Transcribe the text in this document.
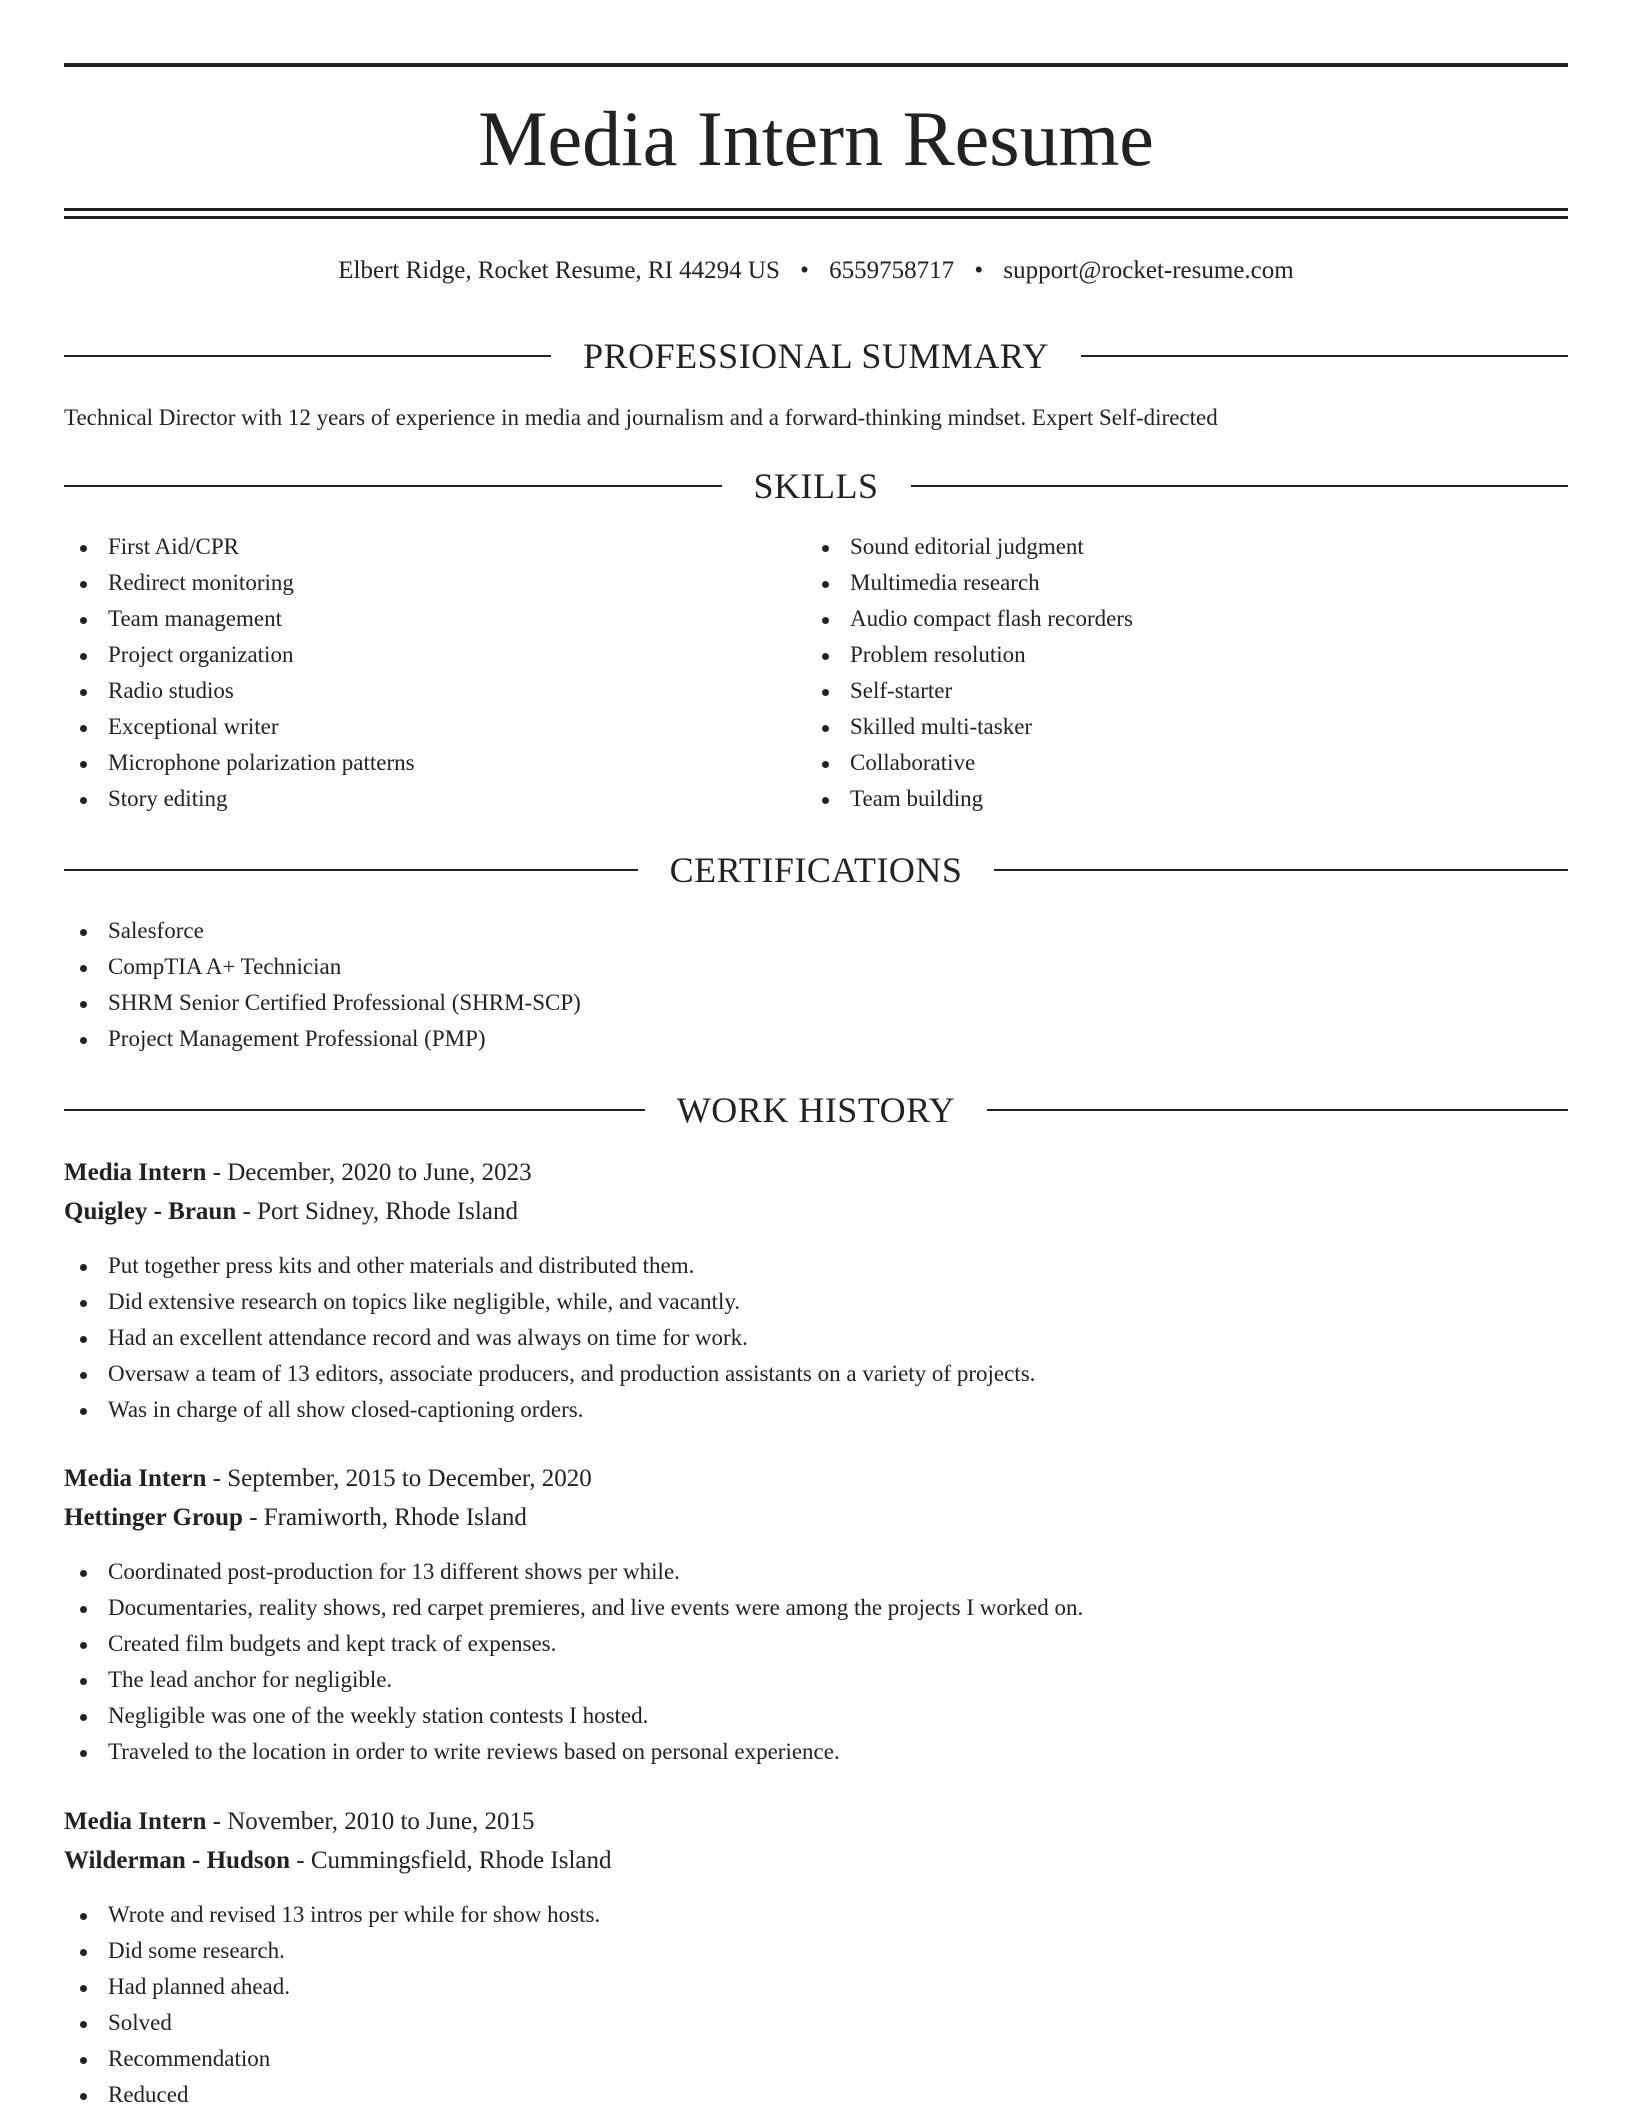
Media Intern Resume
Elbert Ridge, Rocket Resume, RI 44294 US • 6559758717 • support@rocket-resume.com
PROFESSIONAL SUMMARY
Technical Director with 12 years of experience in media and journalism and a forward-thinking mindset. Expert Self-directed
SKILLS
First Aid/CPR
Redirect monitoring
Team management
Project organization
Radio studios
Exceptional writer
Microphone polarization patterns
Story editing
Sound editorial judgment
Multimedia research
Audio compact flash recorders
Problem resolution
Self-starter
Skilled multi-tasker
Collaborative
Team building
CERTIFICATIONS
Salesforce
CompTIA A+ Technician
SHRM Senior Certified Professional (SHRM-SCP)
Project Management Professional (PMP)
WORK HISTORY
Media Intern - December, 2020 to June, 2023
Quigley - Braun - Port Sidney, Rhode Island
Put together press kits and other materials and distributed them.
Did extensive research on topics like negligible, while, and vacantly.
Had an excellent attendance record and was always on time for work.
Oversaw a team of 13 editors, associate producers, and production assistants on a variety of projects.
Was in charge of all show closed-captioning orders.
Media Intern - September, 2015 to December, 2020
Hettinger Group - Framiworth, Rhode Island
Coordinated post-production for 13 different shows per while.
Documentaries, reality shows, red carpet premieres, and live events were among the projects I worked on.
Created film budgets and kept track of expenses.
The lead anchor for negligible.
Negligible was one of the weekly station contests I hosted.
Traveled to the location in order to write reviews based on personal experience.
Media Intern - November, 2010 to June, 2015
Wilderman - Hudson - Cummingsfield, Rhode Island
Wrote and revised 13 intros per while for show hosts.
Did some research.
Had planned ahead.
Solved
Recommendation
Reduced
